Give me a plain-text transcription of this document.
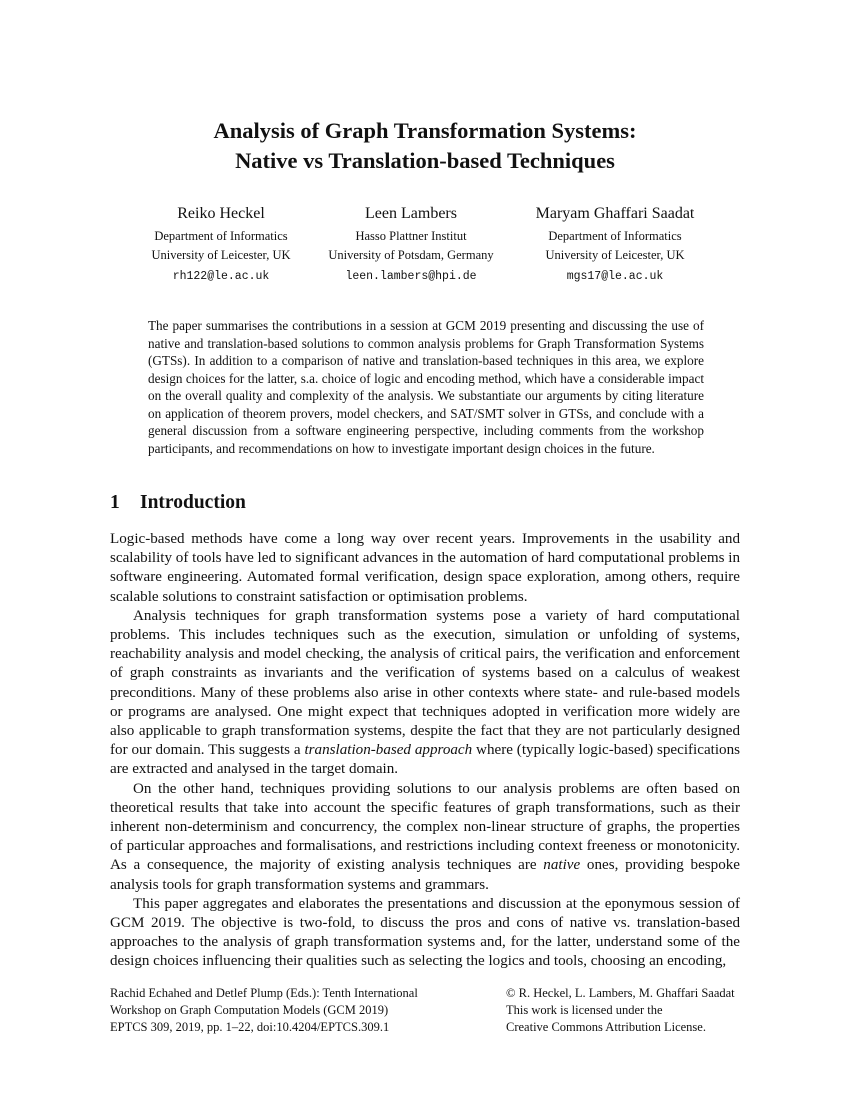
Analysis of Graph Transformation Systems:
Native vs Translation-based Techniques
Reiko Heckel
Department of Informatics
University of Leicester, UK
rh122@le.ac.uk
Leen Lambers
Hasso Plattner Institut
University of Potsdam, Germany
leen.lambers@hpi.de
Maryam Ghaffari Saadat
Department of Informatics
University of Leicester, UK
mgs17@le.ac.uk
The paper summarises the contributions in a session at GCM 2019 presenting and discussing the use of native and translation-based solutions to common analysis problems for Graph Transformation Systems (GTSs). In addition to a comparison of native and translation-based techniques in this area, we explore design choices for the latter, s.a. choice of logic and encoding method, which have a considerable impact on the overall quality and complexity of the analysis. We substantiate our arguments by citing literature on application of theorem provers, model checkers, and SAT/SMT solver in GTSs, and conclude with a general discussion from a software engineering perspective, including comments from the workshop participants, and recommendations on how to investigate important design choices in the future.
1 Introduction

Logic-based methods have come a long way over recent years. Improvements in the usability and scalability of tools have led to significant advances in the automation of hard computational problems in software engineering. Automated formal verification, design space exploration, among others, require scalable solutions to constraint satisfaction or optimisation problems.

Analysis techniques for graph transformation systems pose a variety of hard computational problems. This includes techniques such as the execution, simulation or unfolding of systems, reachability analysis and model checking, the analysis of critical pairs, the verification and enforcement of graph constraints as invariants and the verification of systems based on a calculus of weakest preconditions. Many of these problems also arise in other contexts where state- and rule-based models or programs are analysed. One might expect that techniques adopted in verification more widely are also applicable to graph transformation systems, despite the fact that they are not particularly designed for our domain. This suggests a translation-based approach where (typically logic-based) specifications are extracted and analysed in the target domain.

On the other hand, techniques providing solutions to our analysis problems are often based on theoretical results that take into account the specific features of graph transformations, such as their inherent non-determinism and concurrency, the complex non-linear structure of graphs, the properties of particular approaches and formalisations, and restrictions including context freeness or monotonicity. As a consequence, the majority of existing analysis techniques are native ones, providing bespoke analysis tools for graph transformation systems and grammars.

This paper aggregates and elaborates the presentations and discussion at the eponymous session of GCM 2019. The objective is two-fold, to discuss the pros and cons of native vs. translation-based approaches to the analysis of graph transformation systems and, for the latter, understand some of the design choices influencing their qualities such as selecting the logics and tools, choosing an encoding,

Rachid Echahed and Detlef Plump (Eds.): Tenth International
Workshop on Graph Computation Models (GCM 2019)
EPTCS 309, 2019, pp. 1–22, doi:10.4204/EPTCS.309.1
© R. Heckel, L. Lambers, M. Ghaffari Saadat
This work is licensed under the
Creative Commons Attribution License.
